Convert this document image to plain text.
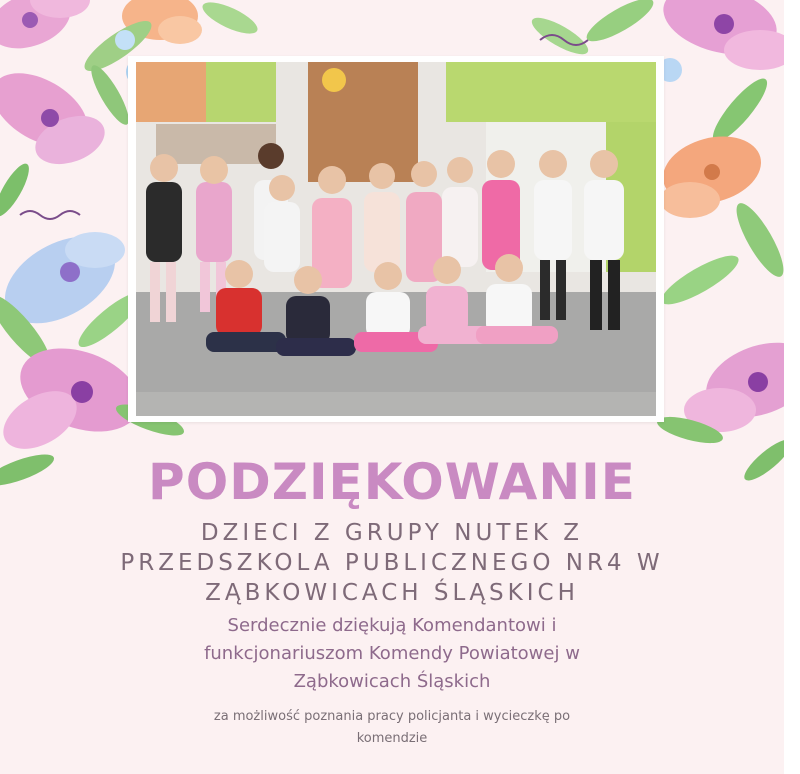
PODZIĘKOWANIE
DZIECI Z GRUPY NUTEK Z
PRZEDSZKOLA PUBLICZNEGO NR4 W
ZĄBKOWICACH ŚLĄSKICH
Serdecznie dziękują Komendantowi i
funkcjonariuszom Komendy Powiatowej w
Ząbkowicach Śląskich
za możliwość poznania pracy policjanta i wycieczkę po
komendzie
